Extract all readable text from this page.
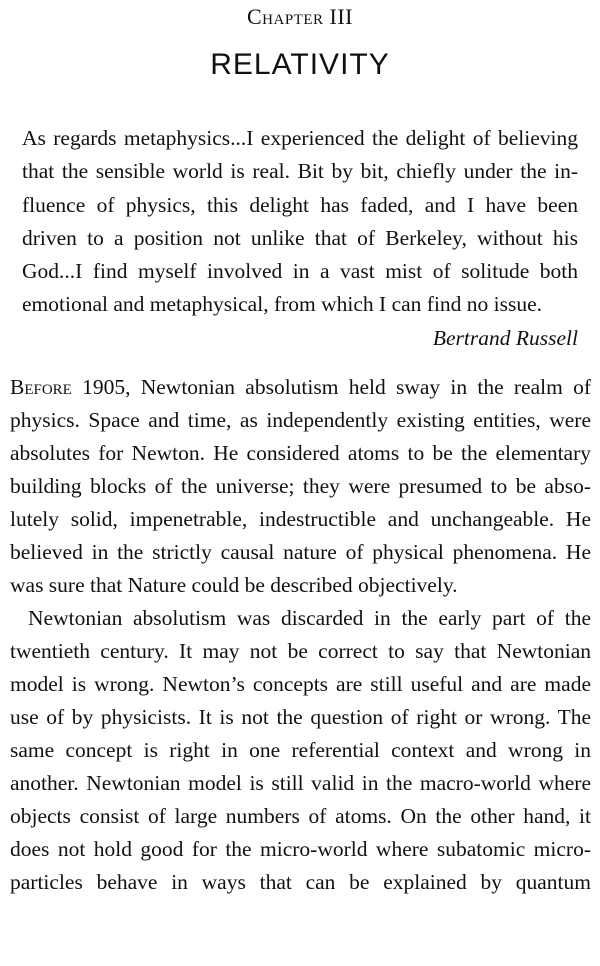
Chapter III
RELATIVITY
As regards metaphysics...I experienced the delight of believing
that the sensible world is real. Bit by bit, chiefly under the in-
fluence of physics, this delight has faded, and I have been
driven to a position not unlike that of Berkeley, without his
God...I find myself involved in a vast mist of solitude both
emotional and metaphysical, from which I can find no issue.
Bertrand Russell
Before 1905, Newtonian absolutism held sway in the realm of
physics. Space and time, as independently existing entities, were
absolutes for Newton. He considered atoms to be the elementary
building blocks of the universe; they were presumed to be abso-
lutely solid, impenetrable, indestructible and unchangeable. He
believed in the strictly causal nature of physical phenomena. He
was sure that Nature could be described objectively.
Newtonian absolutism was discarded in the early part of the
twentieth century. It may not be correct to say that Newtonian
model is wrong. Newton’s concepts are still useful and are made
use of by physicists. It is not the question of right or wrong. The
same concept is right in one referential context and wrong in
another. Newtonian model is still valid in the macro-world where
objects consist of large numbers of atoms. On the other hand, it
does not hold good for the micro-world where subatomic micro-
particles behave in ways that can be explained by quantum
